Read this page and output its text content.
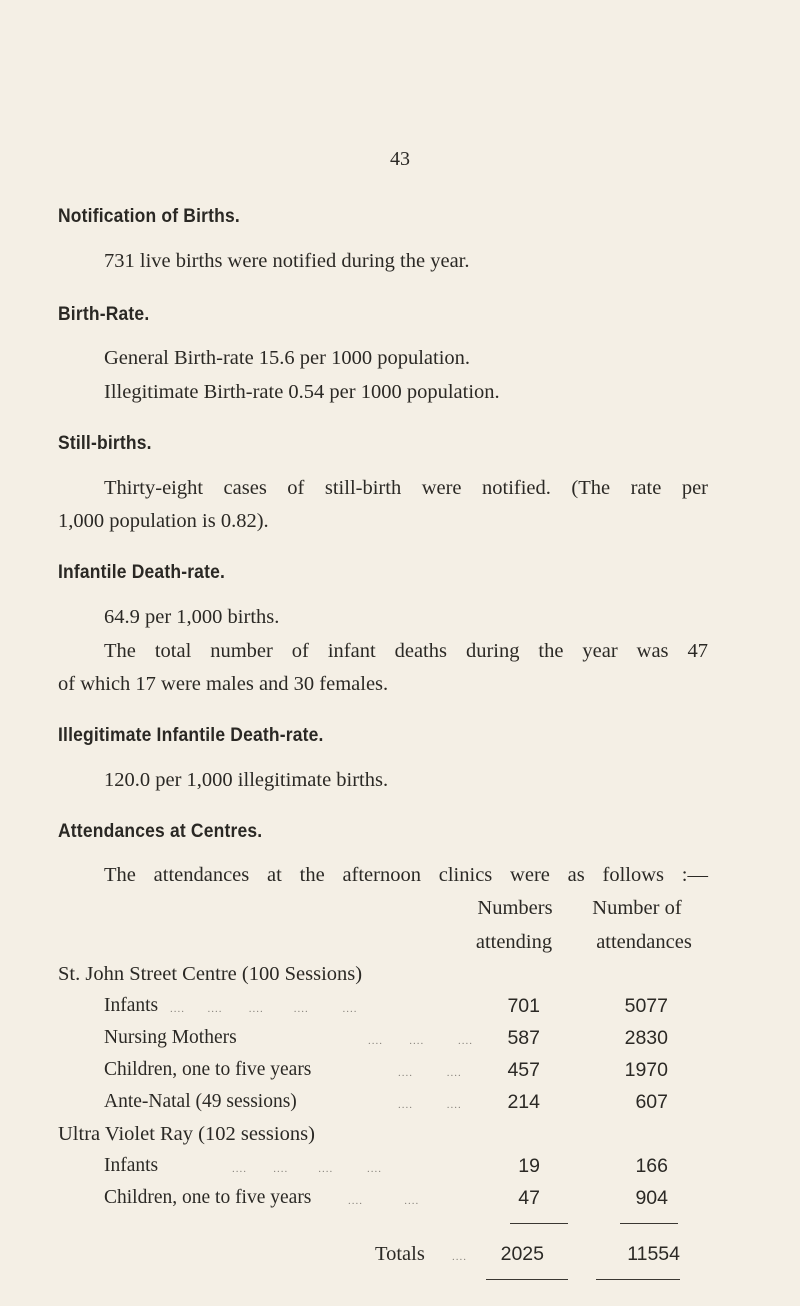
43
Notification of Births.
731 live births were notified during the year.
Birth-Rate.
General Birth-rate 15.6 per 1000 population.
Illegitimate Birth-rate 0.54 per 1000 population.
Still-births.
Thirty-eight cases of still-birth were notified. (The rate per
1,000 population is 0.82).
Infantile Death-rate.
64.9 per 1,000 births.
The total number of infant deaths during the year was 47
of which 17 were males and 30 females.
Illegitimate Infantile Death-rate.
120.0 per 1,000 illegitimate births.
Attendances at Centres.
The attendances at the afternoon clinics were as follows :—
Numbers
attending
Number of
attendances
St. John Street Centre (100 Sessions)
Infants ....      ....       ....        ....         ....	701	5077
Nursing Mothers	....       ....         ....	587	2830
Children, one to five years	....         ....	457	1970
Ante-Natal (49 sessions)	....         ....	214	607
Ultra Violet Ray (102 sessions)
Infants	....       ....        ....         ....	19	166
Children, one to five years	....           ....	47	904
Totals ....	2025	11554
